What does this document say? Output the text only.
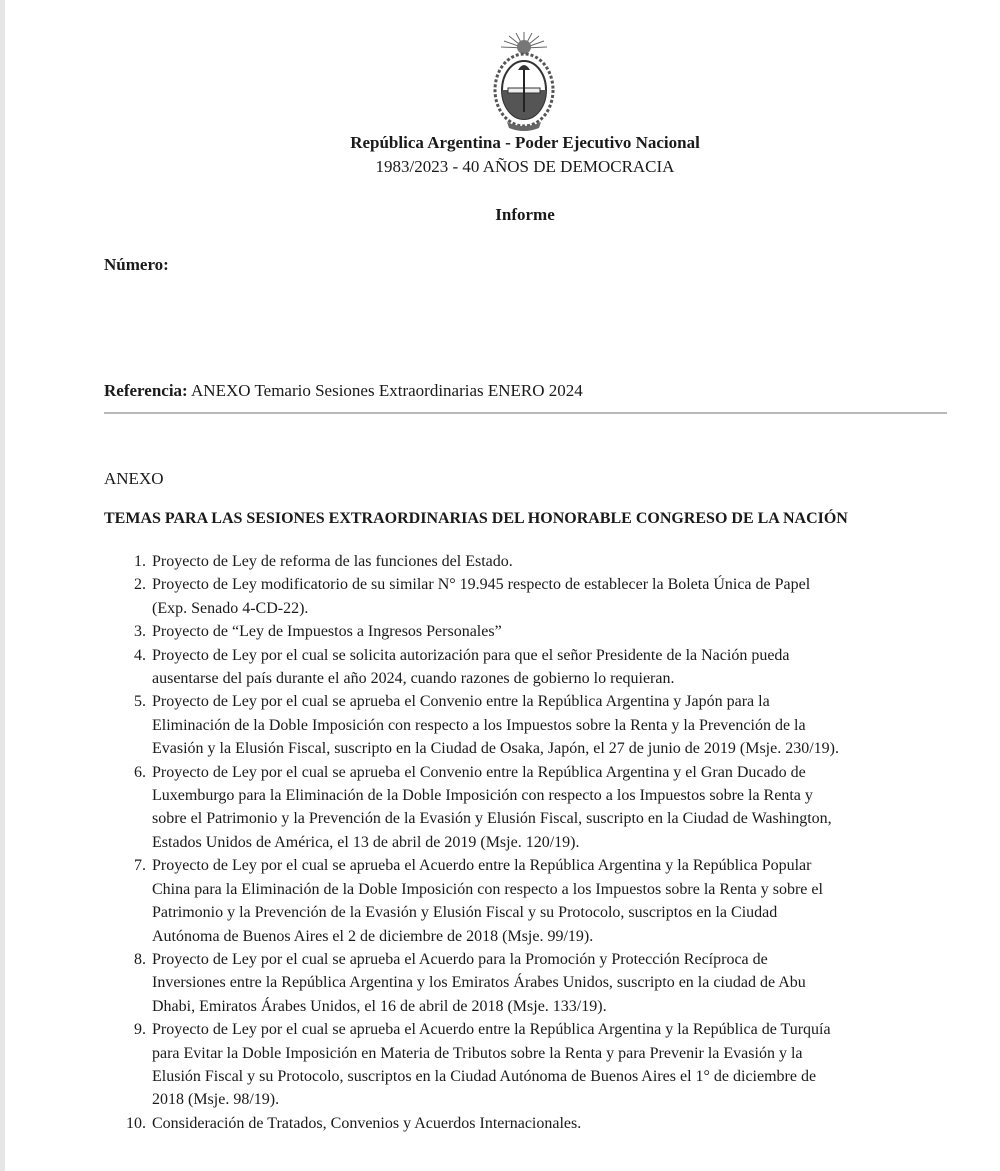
República Argentina - Poder Ejecutivo Nacional
1983/2023 - 40 AÑOS DE DEMOCRACIA
Informe
Número:
Referencia: ANEXO Temario Sesiones Extraordinarias ENERO 2024
ANEXO
TEMAS PARA LAS SESIONES EXTRAORDINARIAS DEL HONORABLE CONGRESO DE LA NACIÓN
1. Proyecto de Ley de reforma de las funciones del Estado.
2. Proyecto de Ley modificatorio de su similar N° 19.945 respecto de establecer la Boleta Única de Papel
(Exp. Senado 4-CD-22).
3. Proyecto de “Ley de Impuestos a Ingresos Personales”
4. Proyecto de Ley por el cual se solicita autorización para que el señor Presidente de la Nación pueda
ausentarse del país durante el año 2024, cuando razones de gobierno lo requieran.
5. Proyecto de Ley por el cual se aprueba el Convenio entre la República Argentina y Japón para la
Eliminación de la Doble Imposición con respecto a los Impuestos sobre la Renta y la Prevención de la
Evasión y la Elusión Fiscal, suscripto en la Ciudad de Osaka, Japón, el 27 de junio de 2019 (Msje. 230/19).
6. Proyecto de Ley por el cual se aprueba el Convenio entre la República Argentina y el Gran Ducado de
Luxemburgo para la Eliminación de la Doble Imposición con respecto a los Impuestos sobre la Renta y
sobre el Patrimonio y la Prevención de la Evasión y Elusión Fiscal, suscripto en la Ciudad de Washington,
Estados Unidos de América, el 13 de abril de 2019 (Msje. 120/19).
7. Proyecto de Ley por el cual se aprueba el Acuerdo entre la República Argentina y la República Popular
China para la Eliminación de la Doble Imposición con respecto a los Impuestos sobre la Renta y sobre el
Patrimonio y la Prevención de la Evasión y Elusión Fiscal y su Protocolo, suscriptos en la Ciudad
Autónoma de Buenos Aires el 2 de diciembre de 2018 (Msje. 99/19).
8. Proyecto de Ley por el cual se aprueba el Acuerdo para la Promoción y Protección Recíproca de
Inversiones entre la República Argentina y los Emiratos Árabes Unidos, suscripto en la ciudad de Abu
Dhabi, Emiratos Árabes Unidos, el 16 de abril de 2018 (Msje. 133/19).
9. Proyecto de Ley por el cual se aprueba el Acuerdo entre la República Argentina y la República de Turquía
para Evitar la Doble Imposición en Materia de Tributos sobre la Renta y para Prevenir la Evasión y la
Elusión Fiscal y su Protocolo, suscriptos en la Ciudad Autónoma de Buenos Aires el 1° de diciembre de
2018 (Msje. 98/19).
10. Consideración de Tratados, Convenios y Acuerdos Internacionales.
